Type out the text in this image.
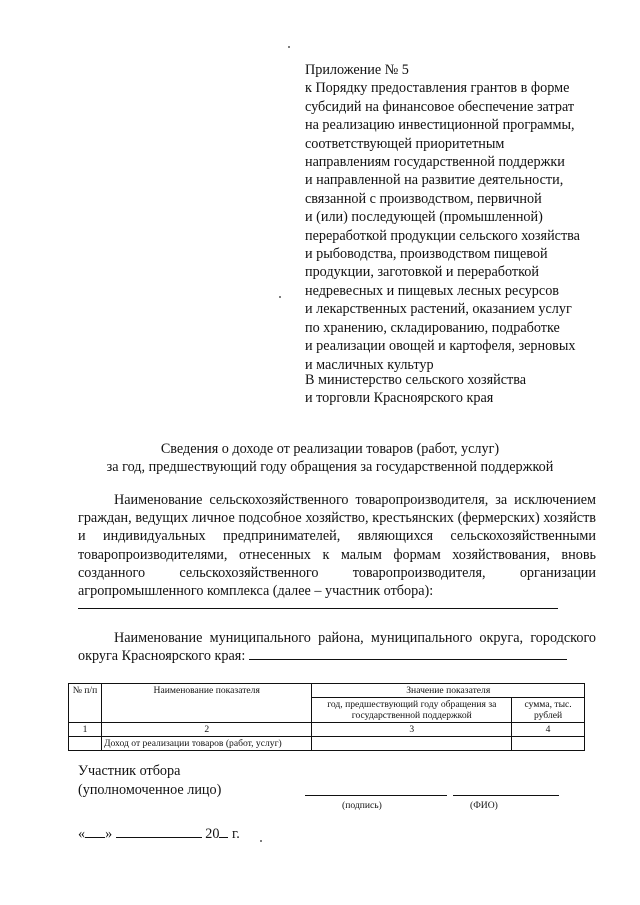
Приложение № 5
к Порядку предоставления грантов в форме
субсидий на финансовое обеспечение затрат
на реализацию инвестиционной программы,
соответствующей приоритетным
направлениям государственной поддержки
и направленной на развитие деятельности,
связанной с производством, первичной
и (или) последующей (промышленной)
переработкой продукции сельского хозяйства
и рыбоводства, производством пищевой
продукции, заготовкой и переработкой
недревесных и пищевых лесных ресурсов
и лекарственных растений, оказанием услуг
по хранению, складированию, подработке
и реализации овощей и картофеля, зерновых
и масличных культур
В министерство сельского хозяйства
и торговли Красноярского края
Сведения о доходе от реализации товаров (работ, услуг)
за год, предшествующий году обращения за государственной поддержкой
Наименование сельскохозяйственного товаропроизводителя, за исключением граждан, ведущих личное подсобное хозяйство, крестьянских (фермерских) хозяйств и индивидуальных предпринимателей, являющихся сельскохозяйственными товаропроизводителями, отнесенных к малым формам хозяйствования, вновь созданного сельскохозяйственного товаропроизводителя, организации агропромышленного комплекса (далее – участник отбора):
Наименование муниципального района, муниципального округа, городского округа Красноярского края:
№ п/п	Наименование показателя	Значение показателя	
		год, предшествующий году обращения за государственной поддержкой	сумма, тыс. рублей
1	2	3	4
	Доход от реализации товаров (работ, услуг)		
Участник отбора
(уполномоченное лицо)
(подпись)	(ФИО)
« »	20 г.
